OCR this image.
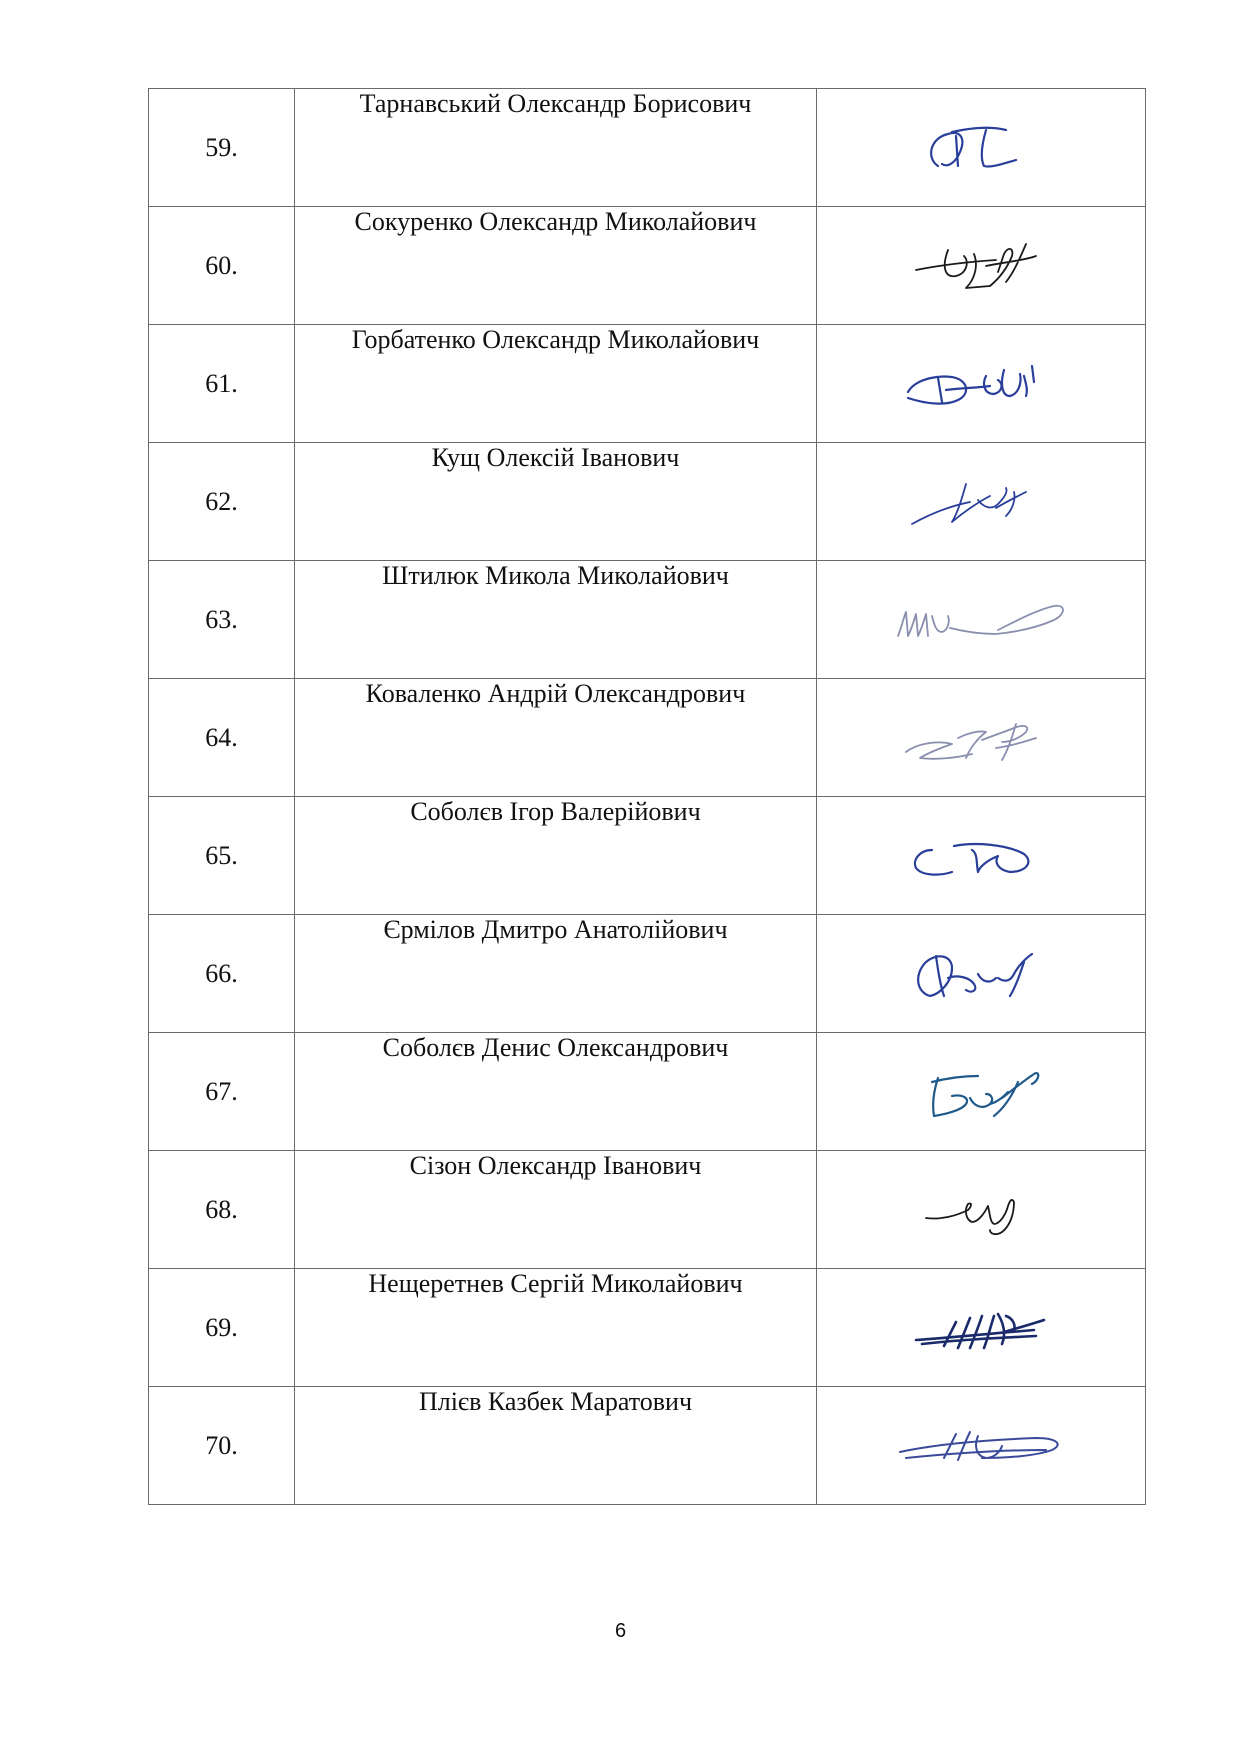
59.	Тарнавський Олександр Борисович	

60.	Сокуренко Олександр Миколайович	

61.	Горбатенко Олександр Миколайович	

62.	Кущ Олексій Іванович	

63.	Штилюк Микола Миколайович	

64.	Коваленко Андрій Олександрович	

65.	Соболєв Ігор Валерійович	

66.	Єрмілов Дмитро Анатолійович	

67.	Соболєв Денис Олександрович	

68.	Сізон Олександр Іванович	

69.	Нещеретнев Сергій Миколайович	

70.	Плієв Казбек Маратович	
6
